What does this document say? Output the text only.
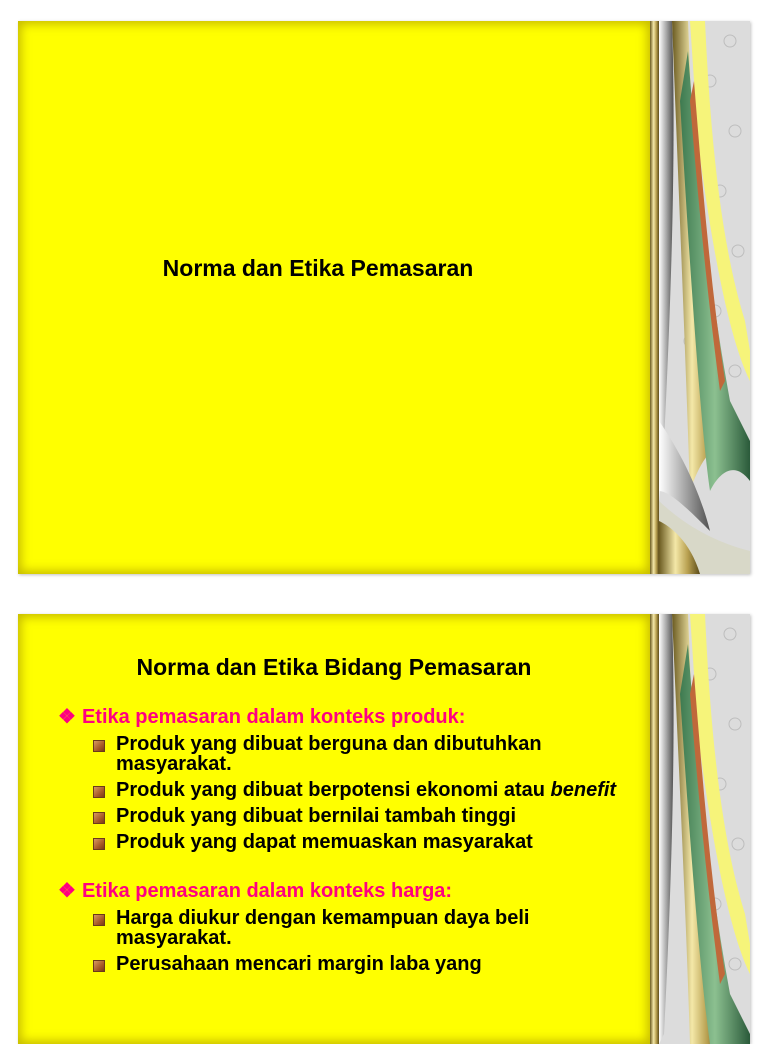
Norma dan Etika Pemasaran
Norma dan Etika Bidang Pemasaran
❖ Etika pemasaran dalam konteks produk:
Produk yang dibuat berguna dan dibutuhkan masyarakat.
Produk yang dibuat berpotensi ekonomi atau benefit
Produk yang dibuat bernilai tambah tinggi
Produk yang dapat memuaskan masyarakat
❖ Etika pemasaran dalam konteks harga:
Harga diukur dengan kemampuan daya beli masyarakat.
Perusahaan mencari margin laba yang
